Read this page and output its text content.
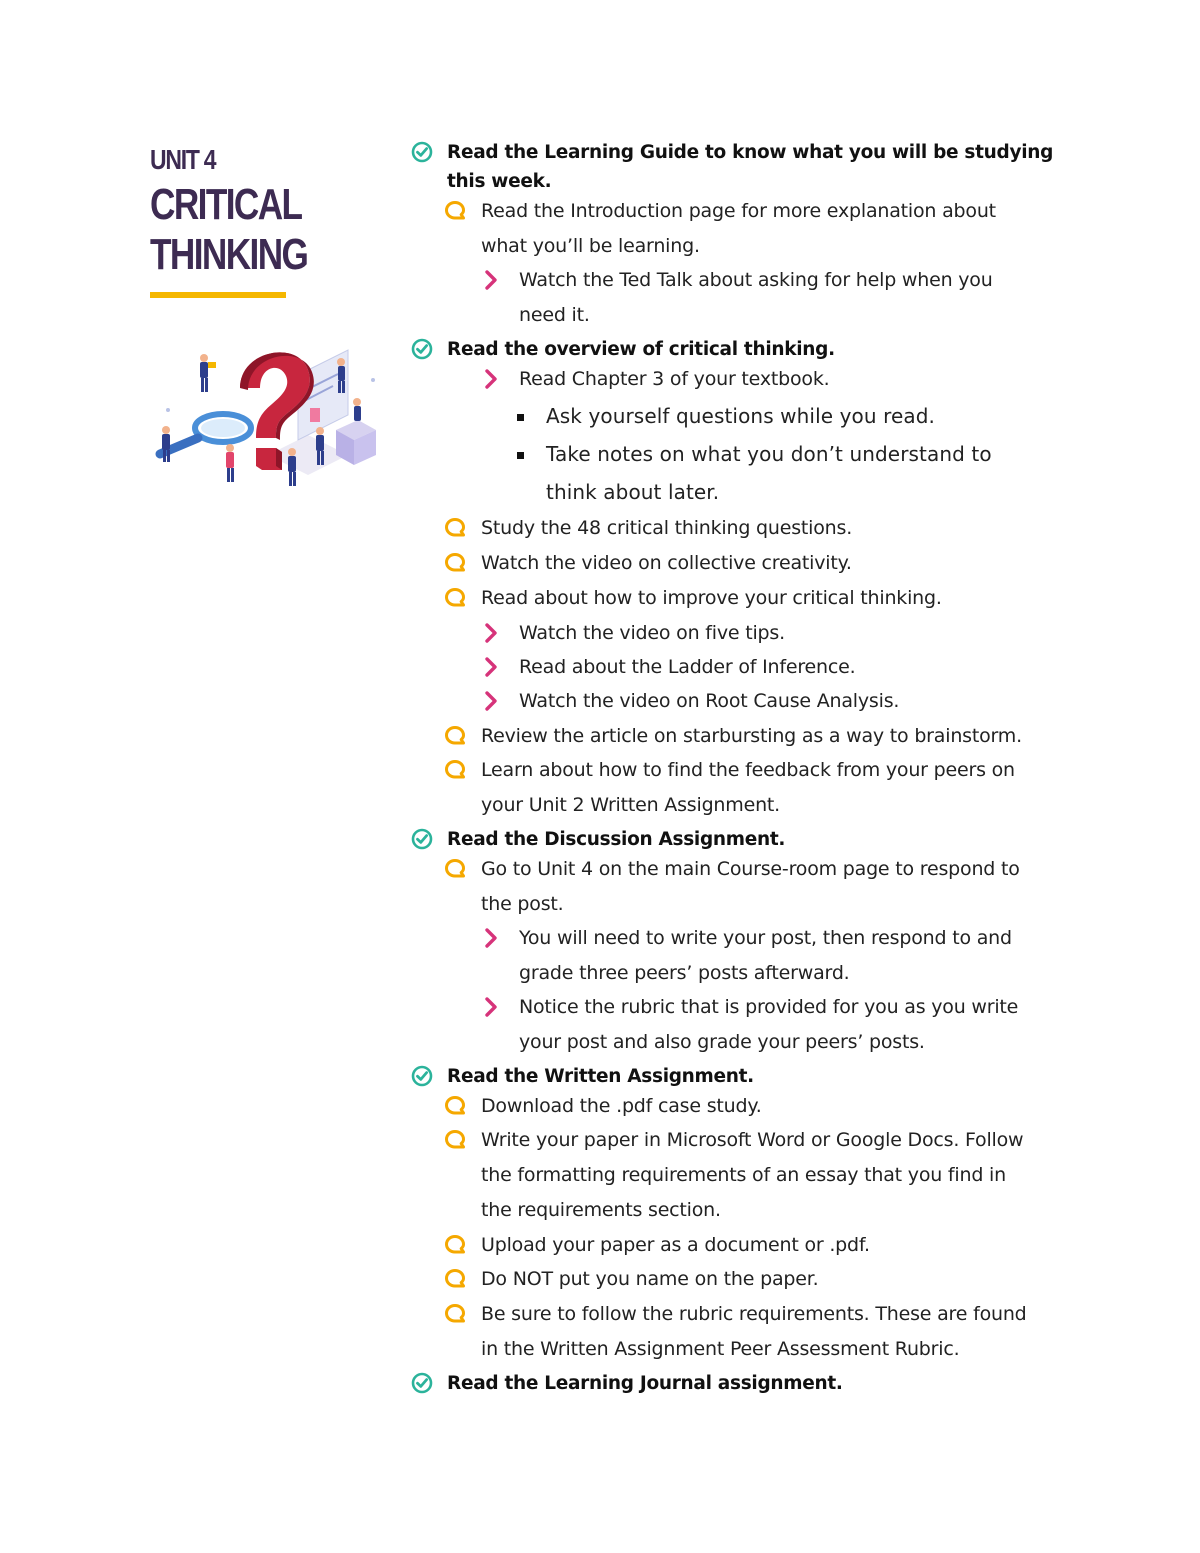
UNIT 4
CRITICAL
THINKING
Read the Learning Guide to know what you will be studying
this week.
Read the Introduction page for more explanation about
what you’ll be learning.
Watch the Ted Talk about asking for help when you
need it.
Read the overview of critical thinking.
Read Chapter 3 of your textbook.
Ask yourself questions while you read.
Take notes on what you don’t understand to
think about later.
Study the 48 critical thinking questions.
Watch the video on collective creativity.
Read about how to improve your critical thinking.
Watch the video on five tips.
Read about the Ladder of Inference.
Watch the video on Root Cause Analysis.
Review the article on starbursting as a way to brainstorm.
Learn about how to find the feedback from your peers on
your Unit 2 Written Assignment.
Read the Discussion Assignment.
Go to Unit 4 on the main Course-room page to respond to
the post.
You will need to write your post, then respond to and
grade three peers’ posts afterward.
Notice the rubric that is provided for you as you write
your post and also grade your peers’ posts.
Read the Written Assignment.
Download the .pdf case study.
Write your paper in Microsoft Word or Google Docs. Follow
the formatting requirements of an essay that you find in
the requirements section.
Upload your paper as a document or .pdf.
Do NOT put you name on the paper.
Be sure to follow the rubric requirements. These are found
in the Written Assignment Peer Assessment Rubric.
Read the Learning Journal assignment.
